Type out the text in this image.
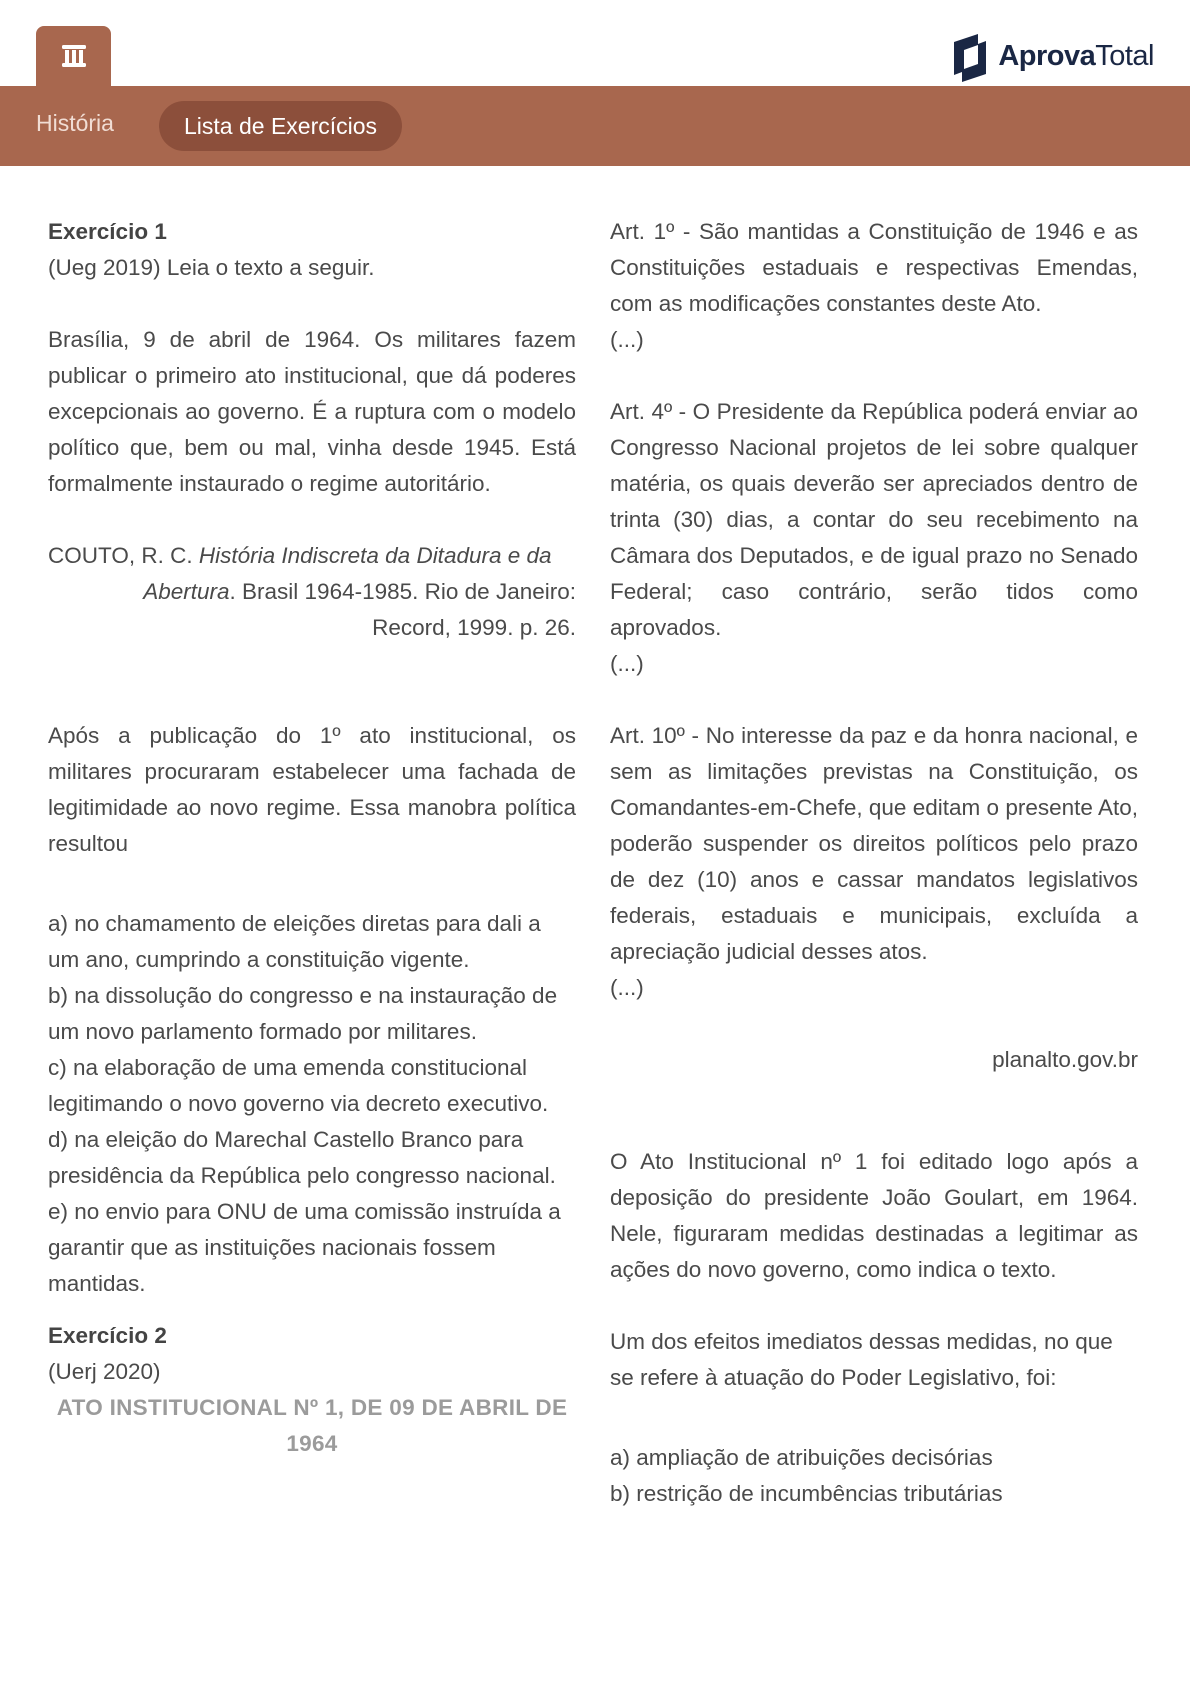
AprovaTotal
História	Lista de Exercícios

Exercício 1

(Ueg 2019) Leia o texto a seguir.

Brasília, 9 de abril de 1964. Os militares fazem publicar o primeiro ato institucional, que dá poderes excepcionais ao governo. É a ruptura com o modelo político que, bem ou mal, vinha desde 1945. Está formalmente instaurado o regime autoritário.

COUTO, R. C. História Indiscreta da Ditadura e da

Abertura. Brasil 1964-1985. Rio de Janeiro:

Record, 1999. p. 26.

Após a publicação do 1º ato institucional, os militares procuraram estabelecer uma fachada de legitimidade ao novo regime. Essa manobra política resultou

a) no chamamento de eleições diretas para dali a um ano, cumprindo a constituição vigente.

b) na dissolução do congresso e na instauração de um novo parlamento formado por militares.

c) na elaboração de uma emenda constitucional legitimando o novo governo via decreto executivo.

d) na eleição do Marechal Castello Branco para presidência da República pelo congresso nacional.

e) no envio para ONU de uma comissão instruída a garantir que as instituições nacionais fossem mantidas.

Exercício 2

(Uerj 2020)

ATO INSTITUCIONAL Nº 1, DE 09 DE ABRIL DE 1964

Art. 1º - São mantidas a Constituição de 1946 e as Constituições estaduais e respectivas Emendas, com as modificações constantes deste Ato.

(...)

Art. 4º - O Presidente da República poderá enviar ao Congresso Nacional projetos de lei sobre qualquer matéria, os quais deverão ser apreciados dentro de trinta (30) dias, a contar do seu recebimento na Câmara dos Deputados, e de igual prazo no Senado Federal; caso contrário, serão tidos como aprovados.

(...)

Art. 10º - No interesse da paz e da honra nacional, e sem as limitações previstas na Constituição, os Comandantes-em-Chefe, que editam o presente Ato, poderão suspender os direitos políticos pelo prazo de dez (10) anos e cassar mandatos legislativos federais, estaduais e municipais, excluída a apreciação judicial desses atos.

(...)

planalto.gov.br

O Ato Institucional nº 1 foi editado logo após a deposição do presidente João Goulart, em 1964. Nele, figuraram medidas destinadas a legitimar as ações do novo governo, como indica o texto.

Um dos efeitos imediatos dessas medidas, no que se refere à atuação do Poder Legislativo, foi:

a) ampliação de atribuições decisórias

b) restrição de incumbências tributárias
